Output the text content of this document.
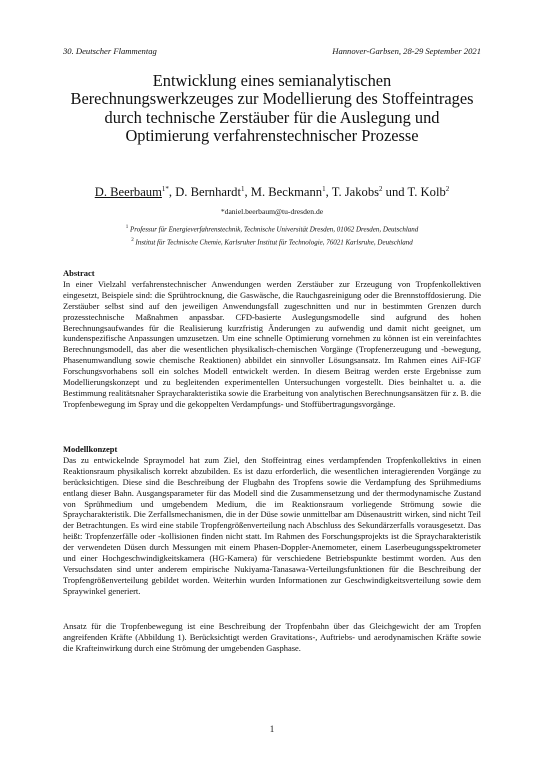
30. Deutscher Flammentag	Hannover-Garbsen, 28-29 September 2021
Entwicklung eines semianalytischen Berechnungswerkzeuges zur Modellierung des Stoffeintrages durch technische Zerstäuber für die Auslegung und Optimierung verfahrenstechnischer Prozesse
D. Beerbaum$^{1*}$, D. Bernhardt$^1$, M. Beckmann$^1$, T. Jakobs$^2$ und T. Kolb$^2$
*daniel.beerbaum@tu-dresden.de
$^1$ Professur für Energieverfahrenstechnik, Technische Universität Dresden, 01062 Dresden, Deutschland
$^2$ Institut für Technische Chemie, Karlsruher Institut für Technologie, 76021 Karlsruhe, Deutschland
Abstract

In einer Vielzahl verfahrenstechnischer Anwendungen werden Zerstäuber zur Erzeugung von Tropfenkollektiven eingesetzt, Beispiele sind: die Sprühtrocknung, die Gaswäsche, die Rauchgasreinigung oder die Brennstoffdosierung. Die Zerstäuber selbst sind auf den jeweiligen Anwendungsfall zugeschnitten und nur in bestimmten Grenzen durch prozesstechnische Maßnahmen anpassbar. CFD-basierte Auslegungsmodelle sind aufgrund des hohen Berechnungsaufwandes für die Realisierung kurzfristig Änderungen zu aufwendig und damit nicht geeignet, um kundenspezifische Anpassungen umzusetzen. Um eine schnelle Optimierung vornehmen zu können ist ein vereinfachtes Berechnungsmodell, das aber die wesentlichen physikalisch-chemischen Vorgänge (Tropfenerzeugung und -bewegung, Phasenumwandlung sowie chemische Reaktionen) abbildet ein sinnvoller Lösungsansatz. Im Rahmen eines AiF-IGF Forschungsvorhabens soll ein solches Modell entwickelt werden. In diesem Beitrag werden erste Ergebnisse zum Modellierungskonzept und zu begleitenden experimentellen Untersuchungen vorgestellt. Dies beinhaltet u. a. die Bestimmung realitätsnaher Spraycharakteristika sowie die Erarbeitung von analytischen Berechnungsansätzen für z. B. die Tropfenbewegung im Spray und die gekoppelten Verdampfungs- und Stoffübertragungsvorgänge.

Modellkonzept

Das zu entwickelnde Spraymodel hat zum Ziel, den Stoffeintrag eines verdampfenden Tropfenkollektivs in einen Reaktionsraum physikalisch korrekt abzubilden. Es ist dazu erforderlich, die wesentlichen interagierenden Vorgänge zu berücksichtigen. Diese sind die Beschreibung der Flugbahn des Tropfens sowie die Verdampfung des Sprühmediums entlang dieser Bahn. Ausgangsparameter für das Modell sind die Zusammensetzung und der thermodynamische Zustand von Sprühmedium und umgebendem Medium, die im Reaktionsraum vorliegende Strömung sowie die Spraycharakteristik. Die Zerfallsmechanismen, die in der Düse sowie unmittelbar am Düsenaustritt wirken, sind nicht Teil der Betrachtungen. Es wird eine stabile Tropfengrößenverteilung nach Abschluss des Sekundärzerfalls vorausgesetzt. Das heißt: Tropfenzerfälle oder -kollisionen finden nicht statt. Im Rahmen des Forschungsprojekts ist die Spraycharakteristik der verwendeten Düsen durch Messungen mit einem Phasen-Doppler-Anemometer, einem Laserbeugungsspektrometer und einer Hochgeschwindigkeitskamera (HG-Kamera) für verschiedene Betriebspunkte bestimmt worden. Aus den Versuchsdaten sind unter anderem empirische Nukiyama-Tanasawa-Verteilungsfunktionen für die Beschreibung der Tropfengrößenverteilung gebildet worden. Weiterhin wurden Informationen zur Geschwindigkeitsverteilung sowie dem Spraywinkel generiert.

Ansatz für die Tropfenbewegung ist eine Beschreibung der Tropfenbahn über das Gleichgewicht der am Tropfen angreifenden Kräfte (Abbildung 1). Berücksichtigt werden Gravitations-, Auftriebs- und aerodynamischen Kräfte sowie die Krafteinwirkung durch eine Strömung der umgebenden Gasphase.

1
